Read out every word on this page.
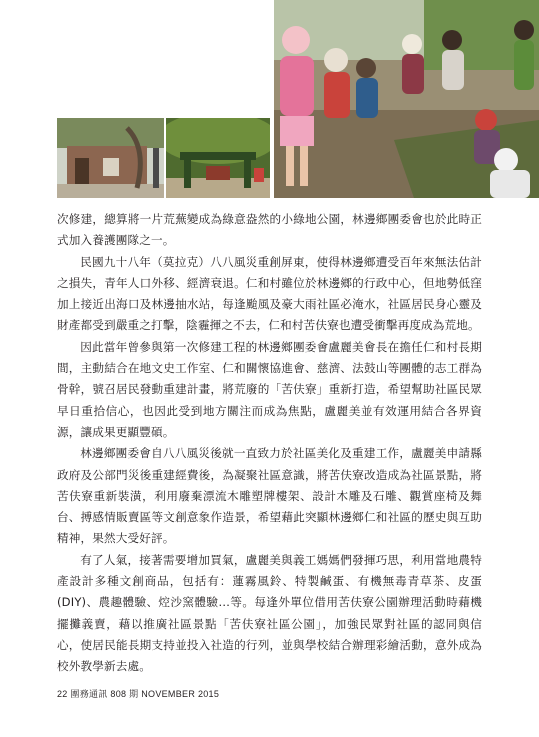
次修建，總算將一片荒蕪變成為綠意盎然的小綠地公園，林邊鄉團委會也於此時正式加入養護團隊之一。

民國九十八年（莫拉克）八八風災重創屏東，使得林邊鄉遭受百年來無法估計之損失，青年人口外移、經濟衰退。仁和村雖位於林邊鄉的行政中心，但地勢低窪加上接近出海口及林邊抽水站，每逢颱風及豪大雨社區必淹水，社區居民身心靈及財產都受到嚴重之打擊，陰霾揮之不去，仁和村苦伕寮也遭受衝擊再度成為荒地。

因此當年曾參與第一次修建工程的林邊鄉團委會盧麗美會長在擔任仁和村長期間，主動結合在地文史工作室、仁和關懷協進會、慈濟、法鼓山等團體的志工群為骨幹，號召居民發動重建計畫，將荒廢的「苦伕寮」重新打造，希望幫助社區民眾早日重拾信心，也因此受到地方關注而成為焦點，盧麗美並有效運用結合各界資源，讓成果更顯豐碩。

林邊鄉團委會自八八風災後就一直致力於社區美化及重建工作，盧麗美申請縣政府及公部門災後重建經費後，為凝聚社區意識，將苦伕寮改造成為社區景點，將苦伕寮重新裝潢，利用廢棄漂流木雕塑牌樓架、設計木雕及石雕、觀賞座椅及舞台、搏感情販賣區等文創意象作造景，希望藉此突顯林邊鄉仁和社區的歷史與互助精神，果然大受好評。

有了人氣，接著需要增加買氣，盧麗美與義工媽媽們發揮巧思，利用當地農特產設計多種文創商品，包括有：蓮霧風鈴、特製鹹蛋、有機無毒青草茶、皮蛋(DIY)、農趣體驗、焢沙窯體驗…等。每逢外單位借用苦伕寮公園辦理活動時藉機擺攤義賣，藉以推廣社區景點「苦伕寮社區公園」，加強民眾對社區的認同與信心，使居民能長期支持並投入社造的行列，並與學校結合辦理彩繪活動，意外成為校外教學新去處。

22 團務通訊 808 期 NOVEMBER 2015
